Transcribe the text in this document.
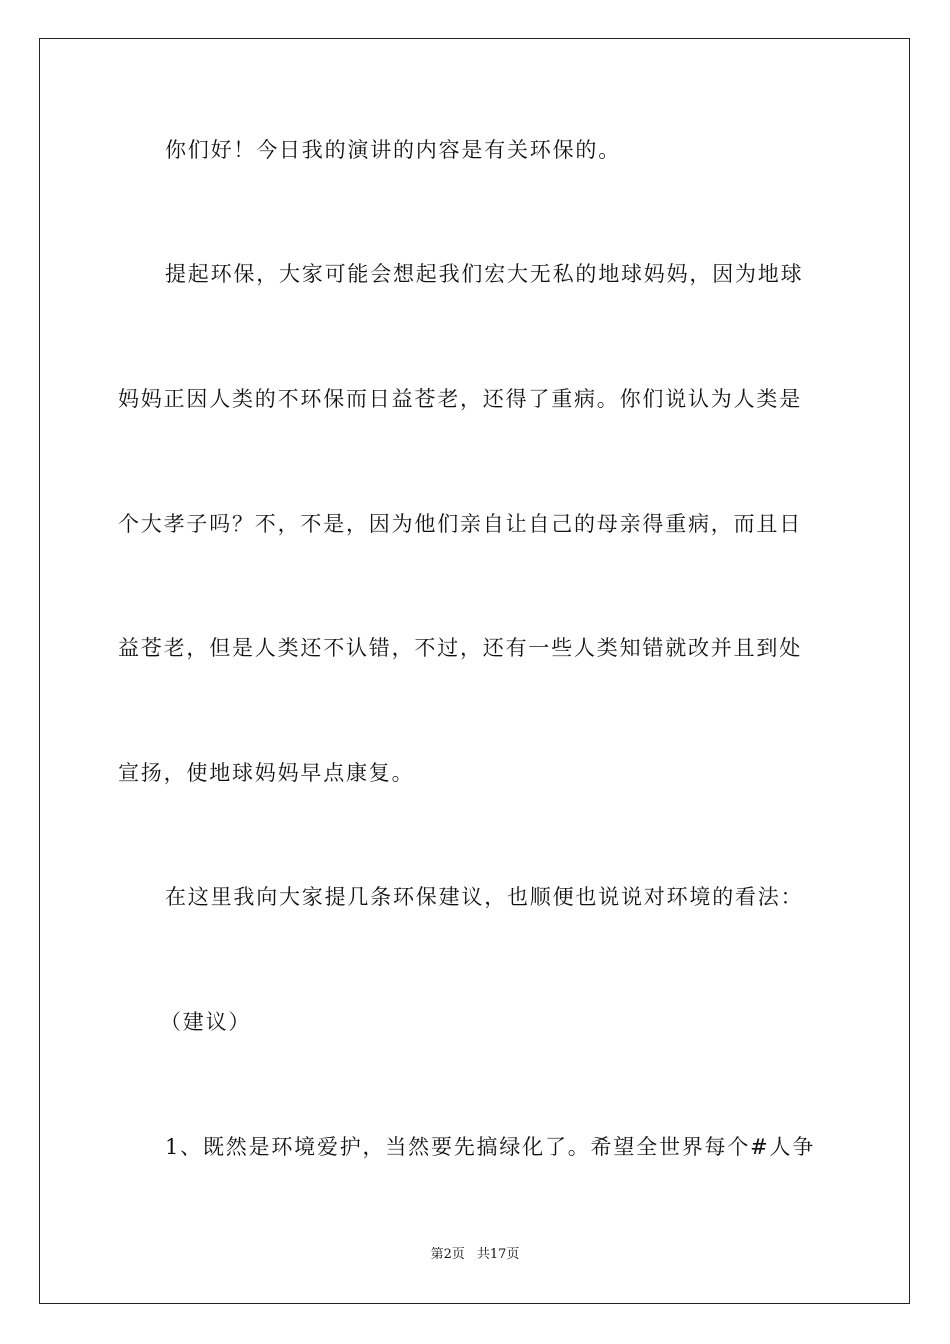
你们好！今日我的演讲的内容是有关环保的。
提起环保，大家可能会想起我们宏大无私的地球妈妈，因为地球
妈妈正因人类的不环保而日益苍老，还得了重病。你们说认为人类是
个大孝子吗？不，不是，因为他们亲自让自己的母亲得重病，而且日
益苍老，但是人类还不认错，不过，还有一些人类知错就改并且到处
宣扬，使地球妈妈早点康复。
在这里我向大家提几条环保建议，也顺便也说说对环境的看法：
（建议）
1、既然是环境爱护，当然要先搞绿化了。希望全世界每个#人争
第2页 共17页
